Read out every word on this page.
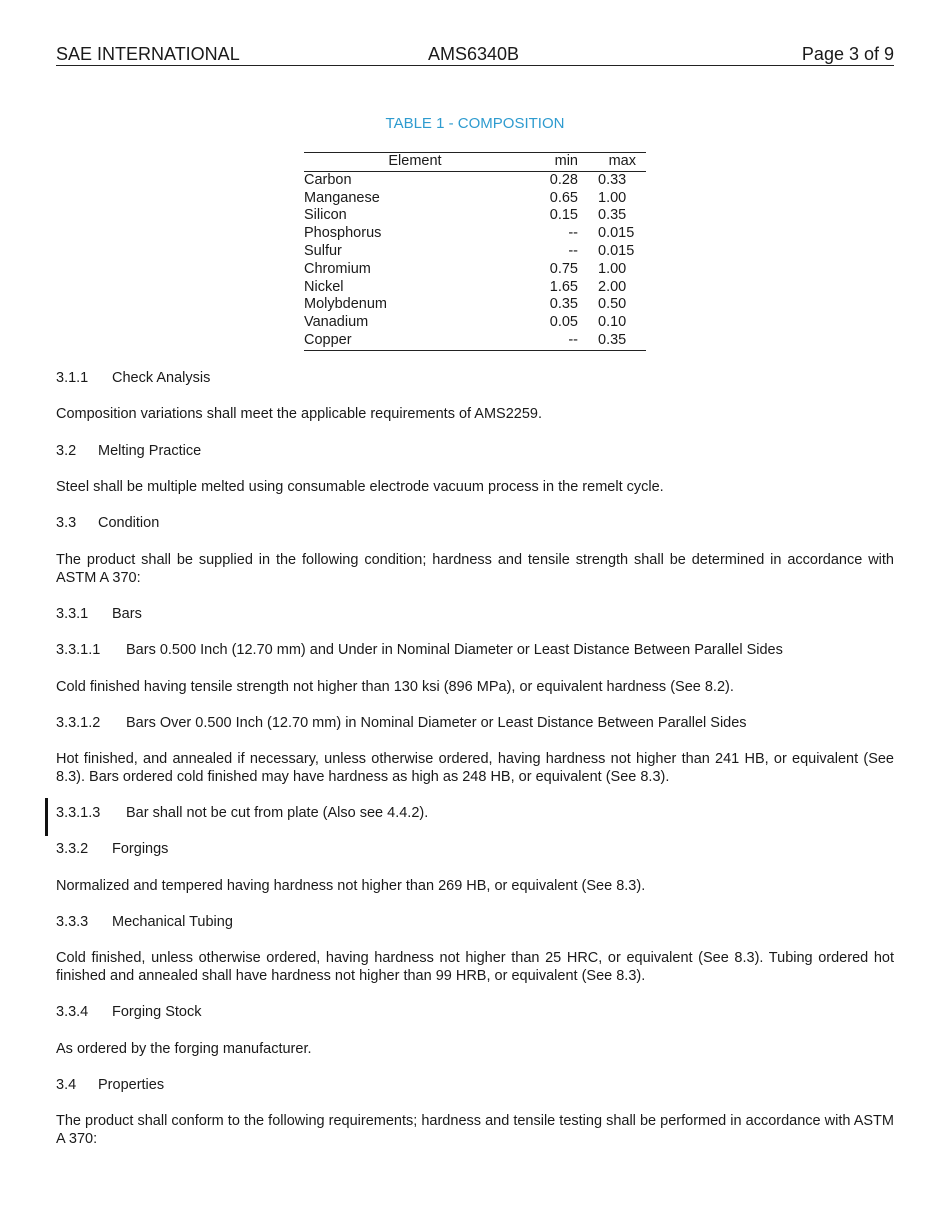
SAE INTERNATIONAL	AMS6340B	Page 3 of 9
TABLE 1 - COMPOSITION
Element	min	max
Carbon	0.28	0.33
Manganese	0.65	1.00
Silicon	0.15	0.35
Phosphorus	--	0.015
Sulfur	--	0.015
Chromium	0.75	1.00
Nickel	1.65	2.00
Molybdenum	0.35	0.50
Vanadium	0.05	0.10
Copper	--	0.35
3.1.1 Check Analysis
Composition variations shall meet the applicable requirements of AMS2259.
3.2 Melting Practice
Steel shall be multiple melted using consumable electrode vacuum process in the remelt cycle.
3.3 Condition
The product shall be supplied in the following condition; hardness and tensile strength shall be determined in accordance with ASTM A 370:
3.3.1 Bars
3.3.1.1 Bars 0.500 Inch (12.70 mm) and Under in Nominal Diameter or Least Distance Between Parallel Sides
Cold finished having tensile strength not higher than 130 ksi (896 MPa), or equivalent hardness (See 8.2).
3.3.1.2 Bars Over 0.500 Inch (12.70 mm) in Nominal Diameter or Least Distance Between Parallel Sides
Hot finished, and annealed if necessary, unless otherwise ordered, having hardness not higher than 241 HB, or equivalent (See 8.3). Bars ordered cold finished may have hardness as high as 248 HB, or equivalent (See 8.3).
3.3.1.3 Bar shall not be cut from plate (Also see 4.4.2).
3.3.2 Forgings
Normalized and tempered having hardness not higher than 269 HB, or equivalent (See 8.3).
3.3.3 Mechanical Tubing
Cold finished, unless otherwise ordered, having hardness not higher than 25 HRC, or equivalent (See 8.3). Tubing ordered hot finished and annealed shall have hardness not higher than 99 HRB, or equivalent (See 8.3).
3.3.4 Forging Stock
As ordered by the forging manufacturer.
3.4 Properties
The product shall conform to the following requirements; hardness and tensile testing shall be performed in accordance with ASTM A 370:
